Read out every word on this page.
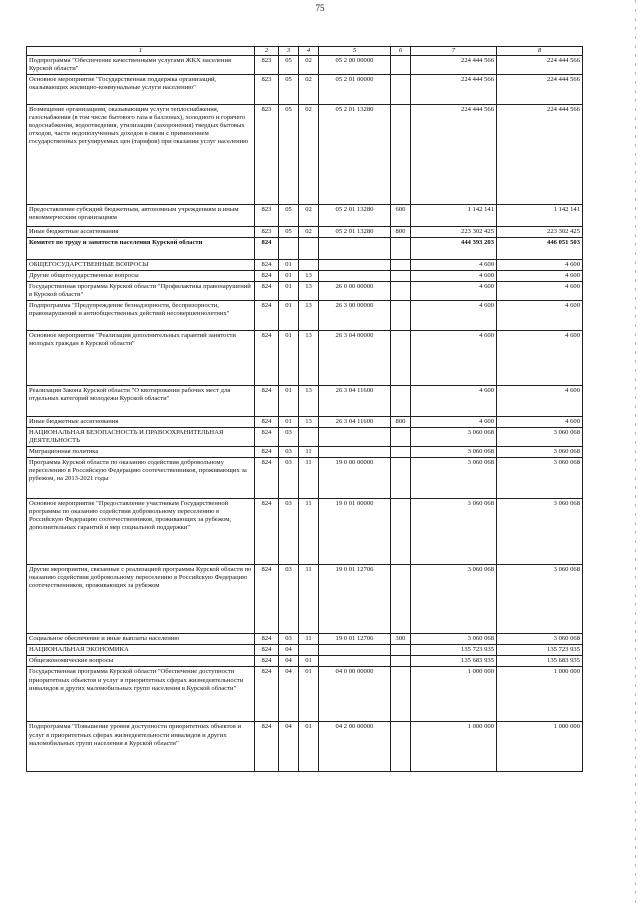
75
1	2	3	4	5	6	7	8
Подпрограмма "Обеспечение качественными услугами ЖКХ населения Курской области"	823	05	02	05 2 00 00000		224 444 566	224 444 566
Основное мероприятие "Государственная поддержка организаций, оказывающих жилищно-коммунальные услуги населению"	823	05	02	05 2 01 00000		224 444 566	224 444 566
Возмещение организациям, оказывающим услуги теплоснабжения, газоснабжения (в том числе бытового газа в баллонах), холодного и горячего водоснабжения, водоотведения, утилизации (захоронения) твердых бытовых отходов, части недополученных доходов в связи с применением государственных регулируемых цен (тарифов) при оказании услуг населению	823	05	02	05 2 01 13280		224 444 566	224 444 566
Предоставление субсидий бюджетным, автономным учреждениям и иным некоммерческим организациям	823	05	02	05 2 01 13280	600	1 142 141	1 142 141
Иные бюджетные ассигнования	823	05	02	05 2 01 13280	800	223 302 425	223 302 425
Комитет по труду и занятости населения Курской области	824					444 393 203	446 051 503
ОБЩЕГОСУДАРСТВЕННЫЕ ВОПРОСЫ	824	01				4 600	4 600
Другие общегосударственные вопросы	824	01	13			4 600	4 600
Государственная программа Курской области "Профилактика правонарушений в Курской области"	824	01	13	26 0 00 00000		4 600	4 600
Подпрограмма "Предупреждение безнадзорности, беспризорности, правонарушений и антиобщественных действий несовершеннолетних"	824	01	13	26 3 00 00000		4 600	4 600
Основное мероприятие "Реализация дополнительных гарантий занятости молодых граждан в Курской области"	824	01	13	26 3 04 00000		4 600	4 600
Реализация Закона Курской области "О квотировании рабочих мест для отдельных категорий молодежи Курской области"	824	01	13	26 3 04 11600		4 600	4 600
Иные бюджетные ассигнования	824	01	13	26 3 04 11600	800	4 600	4 600
НАЦИОНАЛЬНАЯ БЕЗОПАСНОСТЬ И ПРАВООХРАНИТЕЛЬНАЯ ДЕЯТЕЛЬНОСТЬ	824	03				3 060 068	3 060 068
Миграционная политика	824	03	11			3 060 068	3 060 068
Программа Курской области по оказанию содействия добровольному переселению в Российскую Федерацию соотечественников, проживающих за рубежом, на 2013-2021 годы	824	03	11	19 0 00 00000		3 060 068	3 060 068
Основное мероприятие "Предоставление участникам Государственной программы по оказанию содействия добровольному переселению в Российскую Федерацию соотечественников, проживающих за рубежом, дополнительных гарантий и мер социальной поддержки"	824	03	11	19 0 01 00000		3 060 068	3 060 068
Другие мероприятия, связанные с реализацией программы Курской области по оказанию содействия добровольному переселению в Российскую Федерацию соотечественников, проживающих за рубежом	824	03	11	19 0 01 12706		3 060 068	3 060 068
Социальное обеспечение и иные выплаты населению	824	03	11	19 0 01 12706	300	3 060 068	3 060 068
НАЦИОНАЛЬНАЯ ЭКОНОМИКА	824	04				135 723 935	135 723 935
Общеэкономические вопросы	824	04	01			135 683 935	135 683 935
Государственная программа Курской области "Обеспечение доступности приоритетных объектов и услуг в приоритетных сферах жизнедеятельности инвалидов и других маломобильных групп населения в Курской области"	824	04	01	04 0 00 00000		1 000 000	1 000 000
Подпрограмма "Повышение уровня доступности приоритетных объектов и услуг в приоритетных сферах жизнедеятельности инвалидов и других маломобильных групп населения в Курской области"	824	04	01	04 2 00 00000		1 000 000	1 000 000
